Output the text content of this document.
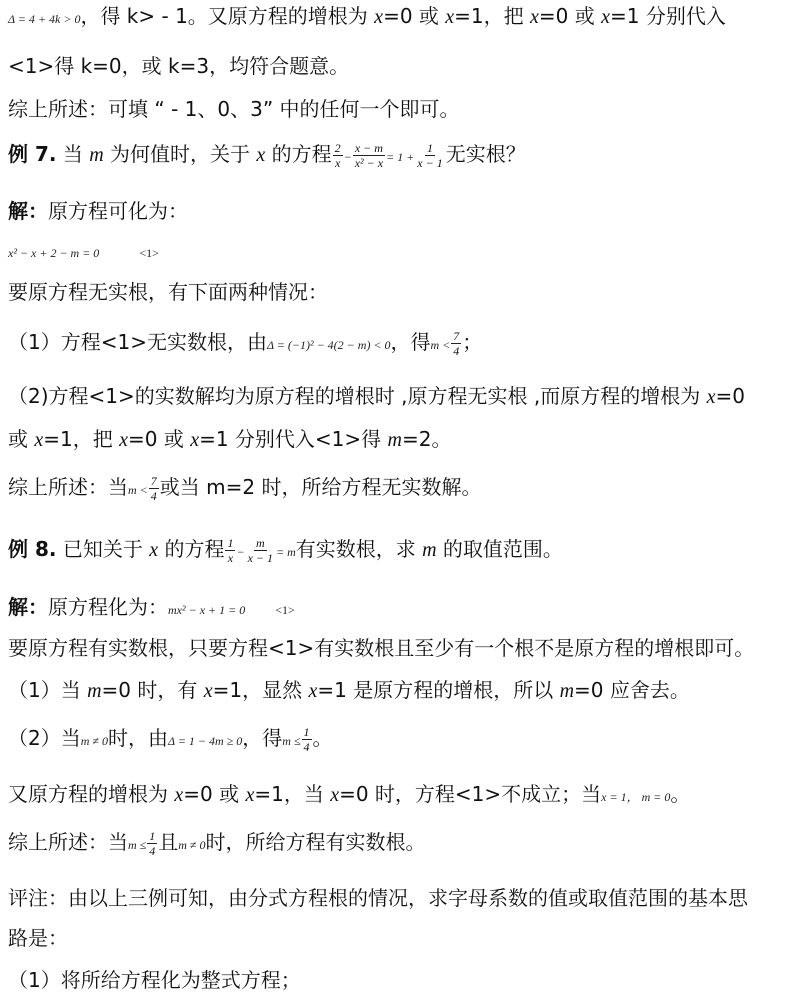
Δ = 4 + 4k > 0，得 k> - 1。又原方程的增根为 x=0 或 x=1，把 x=0 或 x=1 分别代入
<1>得 k=0，或 k=3，均符合题意。
综上所述：可填 “ - 1、0、3” 中的任何一个即可。
例 7. 当 m 为何值时，关于 x 的方程 $\frac{2}{x} - \frac{x - m}{\text{x² − x}} = 1 + \frac{1}{x - 1}$ 无实根？
解：原方程可化为：
x² − x + 2 − m = 0	<1>
要原方程无实根，有下面两种情况：
（1）方程<1>无实数根，由Δ = (−1)² − 4(2 − m) < 0，得$m < \frac{7}{4}$ ；
（2)方程<1>的实数解均为原方程的增根时 ,原方程无实根 ,而原方程的增根为 x=0
或 x=1，把 x=0 或 x=1 分别代入<1>得 m=2。
综上所述：当$m < \frac{7}{4}$ 或当 m=2 时，所给方程无实数解。
例 8. 已知关于 x 的方程 $\frac{1}{x} - \frac{m}{x - 1} = m$有实数根，求 m 的取值范围。
解：原方程化为：mx² − x + 1 = 0	<1>
要原方程有实数根，只要方程<1>有实数根且至少有一个根不是原方程的增根即可。
（1）当 m=0 时，有 x=1，显然 x=1 是原方程的增根，所以 m=0 应舍去。
（2）当m ≠ 0时，由Δ = 1 − 4m ≥ 0，得$m \le \frac{1}{4}$ 。
又原方程的增根为 x=0 或 x=1，当 x=0 时，方程<1>不成立；当x = 1， m = 0。
综上所述：当$m \le \frac{1}{4}$ 且m ≠ 0时，所给方程有实数根。
评注：由以上三例可知，由分式方程根的情况，求字母系数的值或取值范围的基本思
路是：
（1）将所给方程化为整式方程；
